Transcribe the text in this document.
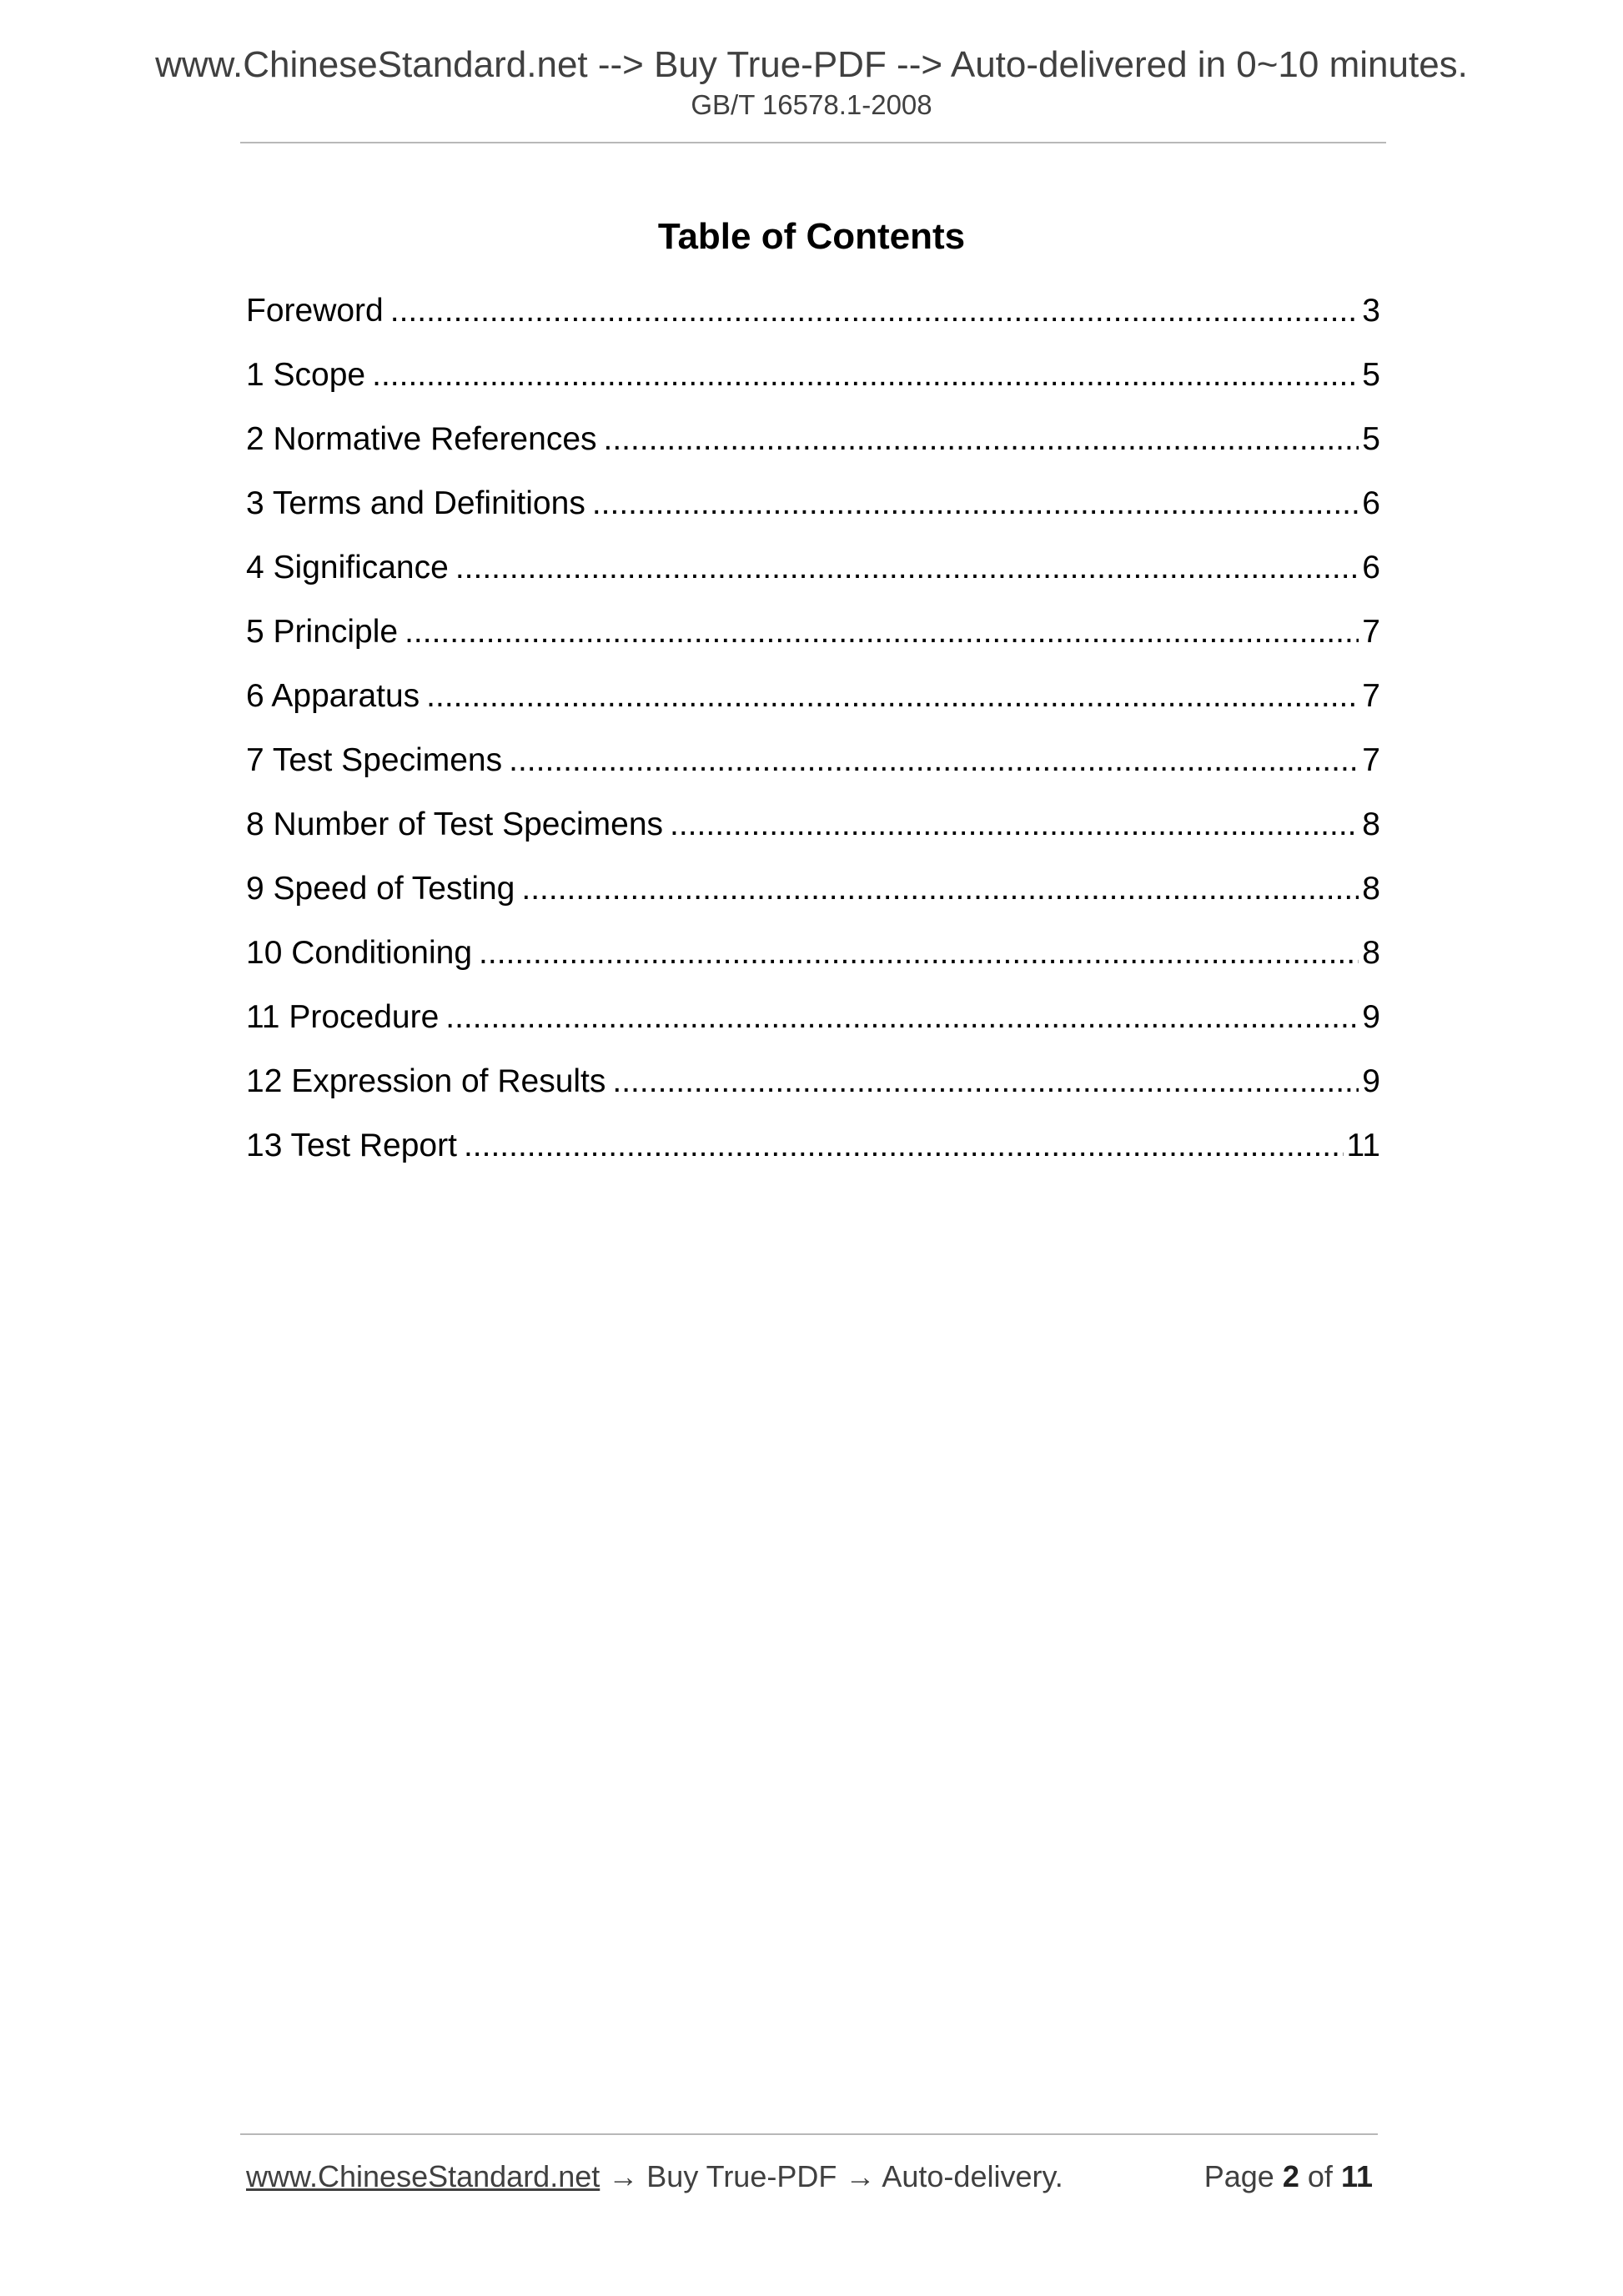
www.ChineseStandard.net --> Buy True-PDF --> Auto-delivered in 0~10 minutes.
GB/T 16578.1-2008
Table of Contents
Foreword .....	3
1 Scope .....	5
2 Normative References .....	5
3 Terms and Definitions .....	6
4 Significance .....	6
5 Principle .....	7
6 Apparatus .....	7
7 Test Specimens .....	7
8 Number of Test Specimens .....	8
9 Speed of Testing .....	8
10 Conditioning .....	8
11 Procedure .....	9
12 Expression of Results .....	9
13 Test Report .....	11
www.ChineseStandard.net → Buy True-PDF → Auto-delivery.	Page 2 of 11
